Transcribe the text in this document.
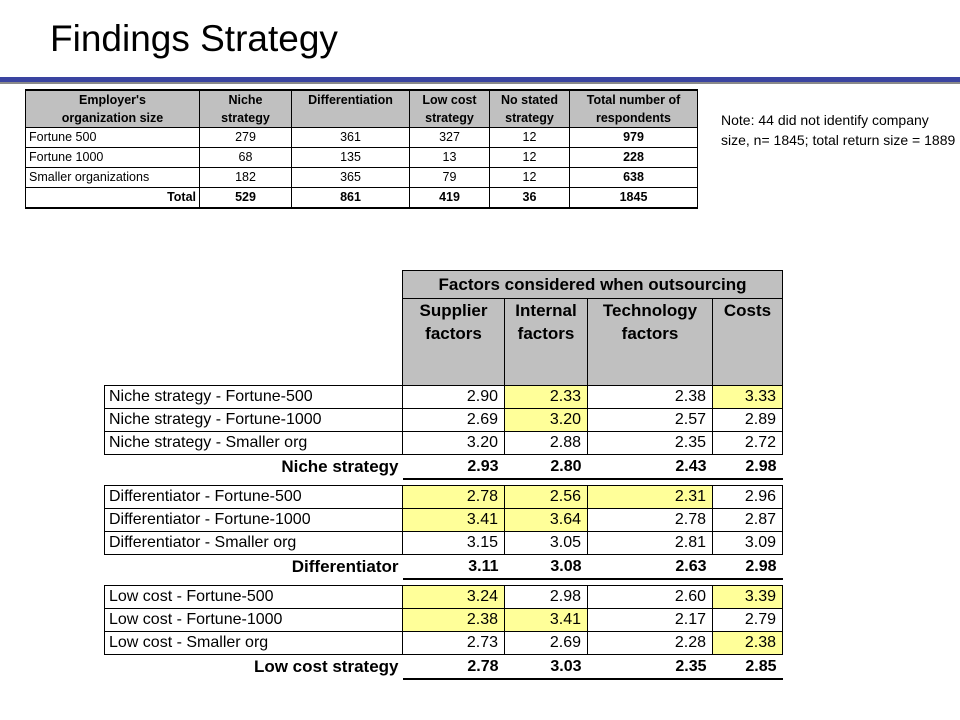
Findings Strategy
Note: 44 did not identify company size, n= 1845; total return size = 1889
Employer's	Niche	Differentiation	Low cost	No stated	Total number of
organization size	strategy		strategy	strategy	respondents
Fortune 500	279	361	327	12	979
Fortune 1000	68	135	13	12	228
Smaller organizations	182	365	79	12	638
Total	529	861	419	36	1845
	Factors considered when outsourcing			
	Supplier	Internal	Technology	Costs
	factors	factors	factors	

Niche strategy - Fortune-500	2.90	2.33	2.38	3.33
Niche strategy - Fortune-1000	2.69	3.20	2.57	2.89
Niche strategy - Smaller org	3.20	2.88	2.35	2.72
Niche strategy	2.93	2.80	2.43	2.98

Differentiator - Fortune-500	2.78	2.56	2.31	2.96
Differentiator - Fortune-1000	3.41	3.64	2.78	2.87
Differentiator - Smaller org	3.15	3.05	2.81	3.09
Differentiator	3.11	3.08	2.63	2.98

Low cost - Fortune-500	3.24	2.98	2.60	3.39
Low cost - Fortune-1000	2.38	3.41	2.17	2.79
Low cost - Smaller org	2.73	2.69	2.28	2.38
Low cost strategy	2.78	3.03	2.35	2.85
